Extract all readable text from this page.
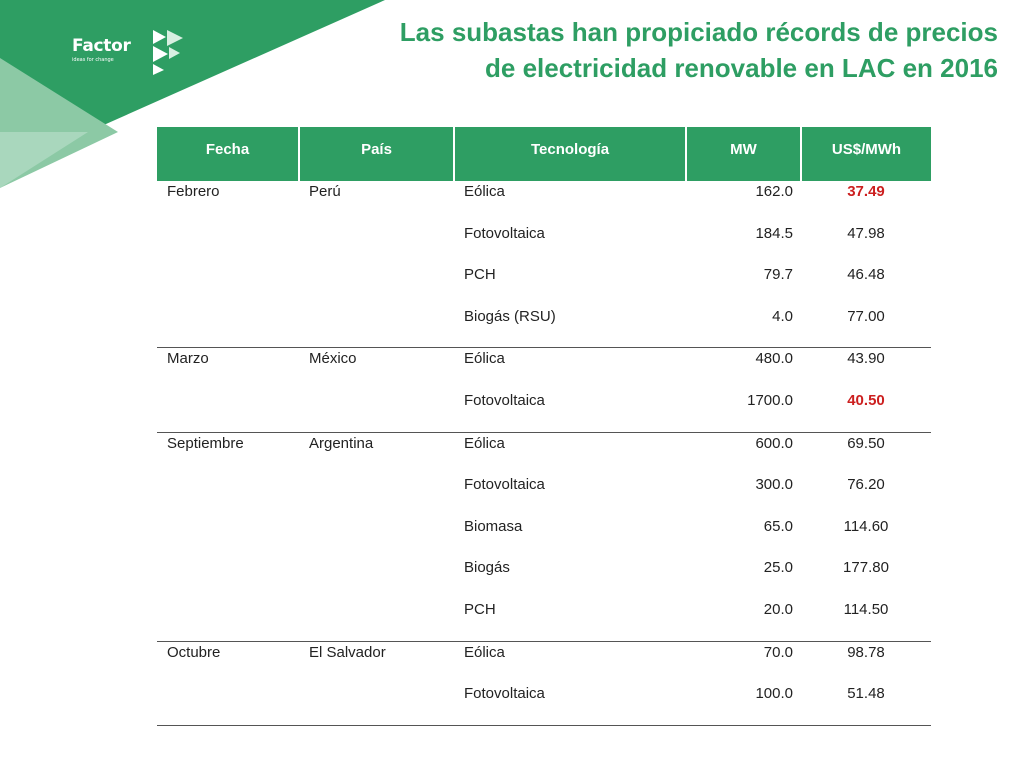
Factor
ideas for change
Las subastas han propiciado récords de precios
de electricidad renovable en LAC en 2016
Fecha	País	Tecnología	MW	US$/MWh
Febrero	Perú	Eólica	162.0	37.49
		Fotovoltaica	184.5	47.98
		PCH	79.7	46.48
		Biogás (RSU)	4.0	77.00
Marzo	México	Eólica	480.0	43.90
		Fotovoltaica	1700.0	40.50
Septiembre	Argentina	Eólica	600.0	69.50
		Fotovoltaica	300.0	76.20
		Biomasa	65.0	114.60
		Biogás	25.0	177.80
		PCH	20.0	114.50
Octubre	El Salvador	Eólica	70.0	98.78
		Fotovoltaica	100.0	51.48
